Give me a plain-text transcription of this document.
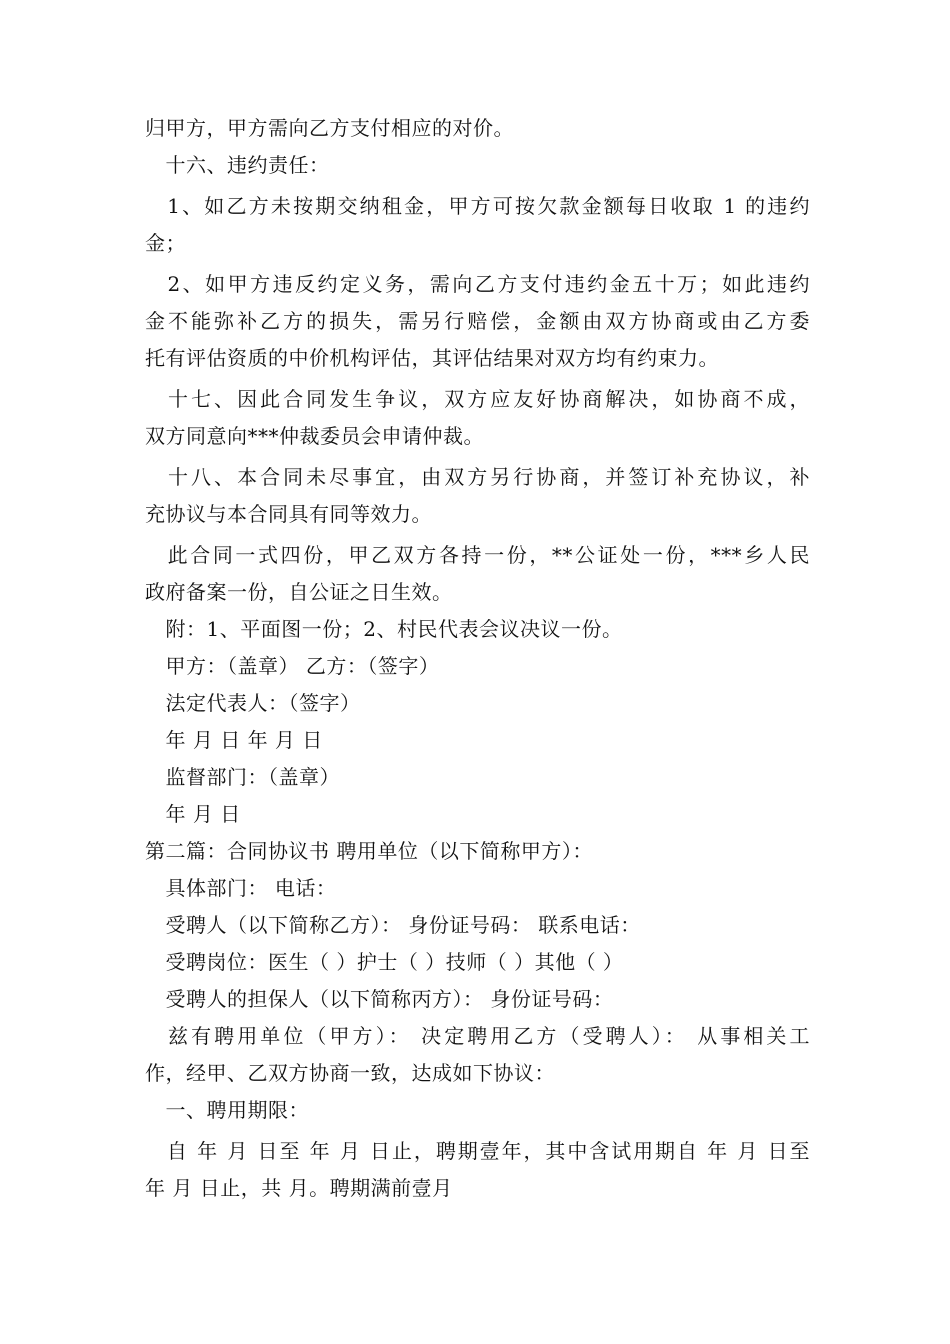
归甲方，甲方需向乙方支付相应的对价。

　十六、违约责任：

　1、如乙方未按期交纳租金，甲方可按欠款金额每日收取 1 的违约

金；

　2、如甲方违反约定义务，需向乙方支付违约金五十万；如此违约

金不能弥补乙方的损失，需另行赔偿，金额由双方协商或由乙方委

托有评估资质的中价机构评估，其评估结果对双方均有约束力。

　十七、因此合同发生争议，双方应友好协商解决，如协商不成，

双方同意向***仲裁委员会申请仲裁。

　十八、本合同未尽事宜，由双方另行协商，并签订补充协议，补

充协议与本合同具有同等效力。

　此合同一式四份，甲乙双方各持一份，**公证处一份，***乡人民

政府备案一份，自公证之日生效。

　附：1、平面图一份；2、村民代表会议决议一份。

　甲方：（盖章） 乙方：（签字）

　法定代表人：（签字）

　年 月 日 年 月 日

　监督部门：（盖章）

　年 月 日

第二篇：合同协议书 聘用单位（以下简称甲方）：

　具体部门： 电话：

　受聘人（以下简称乙方）： 身份证号码： 联系电话：

　受聘岗位：医生（ ）护士（ ）技师（ ）其他（ ）

　受聘人的担保人（以下简称丙方）： 身份证号码：

　兹有聘用单位（甲方）： 决定聘用乙方（受聘人）： 从事相关工

作，经甲、乙双方协商一致，达成如下协议：

　一、聘用期限：

　自 年 月 日至 年 月 日止，聘期壹年，其中含试用期自 年 月 日至

年 月 日止，共 月。聘期满前壹月
